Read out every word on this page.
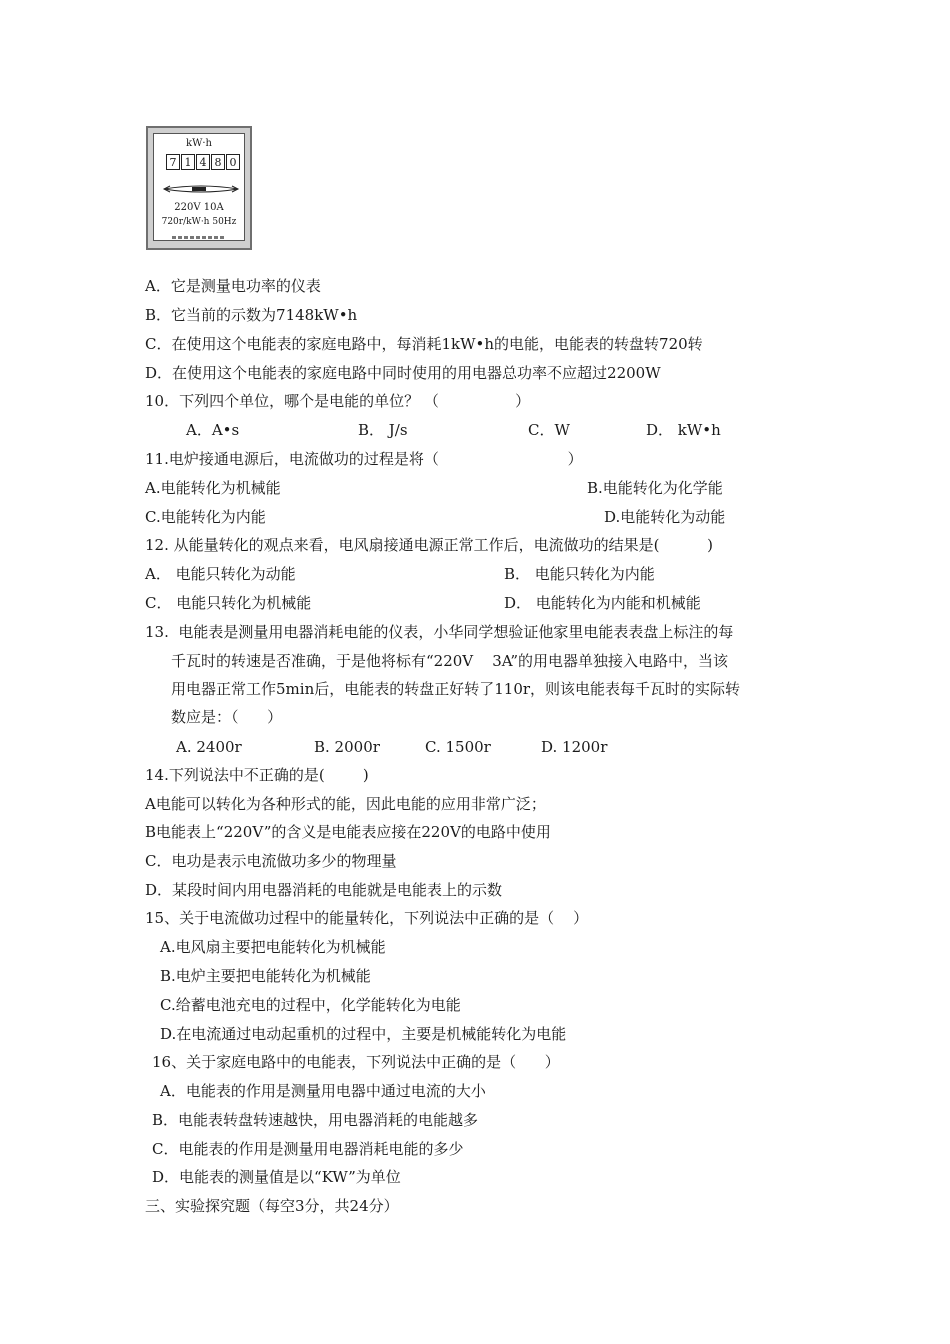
kW·h
7 1 4 8 0
220V 10A
720r/kW·h 50Hz
A．它是测量电功率的仪表
B．它当前的示数为7148kW•h
C．在使用这个电能表的家庭电路中，每消耗1kW•h的电能，电能表的转盘转720转
D．在使用这个电能表的家庭电路中同时使用的用电器总功率不应超过2200W
10．下列四个单位，哪个是电能的单位？ （                ）
A．A•s	B． J/s	C．W	D． kW•h
11.电炉接通电源后，电流做功的过程是将（                           ）
A.电能转化为机械能	B.电能转化为化学能
C.电能转化为内能	D.电能转化为动能
12. 从能量转化的观点来看，电风扇接通电源正常工作后，电流做功的结果是(          )
A． 电能只转化为动能	B． 电能只转化为内能
C． 电能只转化为机械能	D． 电能转化为内能和机械能
13.  电能表是测量用电器消耗电能的仪表，小华同学想验证他家里电能表表盘上标注的每
千瓦时的转速是否准确，于是他将标有“220V    3A”的用电器单独接入电路中，当该
用电器正常工作5min后，电能表的转盘正好转了110r，则该电能表每千瓦时的实际转
数应是：（      ）
A. 2400r	B. 2000r	C. 1500r	D. 1200r
14.下列说法中不正确的是(        )
A电能可以转化为各种形式的能，因此电能的应用非常广泛；
B电能表上“220V”的含义是电能表应接在220V的电路中使用
C．电功是表示电流做功多少的物理量
D．某段时间内用电器消耗的电能就是电能表上的示数
15、关于电流做功过程中的能量转化，下列说法中正确的是（    ）
A.电风扇主要把电能转化为机械能
B.电炉主要把电能转化为机械能
C.给蓄电池充电的过程中，化学能转化为电能
D.在电流通过电动起重机的过程中，主要是机械能转化为电能
16、关于家庭电路中的电能表，下列说法中正确的是（      ）
A．电能表的作用是测量用电器中通过电流的大小
B．电能表转盘转速越快，用电器消耗的电能越多
C．电能表的作用是测量用电器消耗电能的多少
D．电能表的测量值是以“KW”为单位
三、实验探究题（每空3分，共24分）
